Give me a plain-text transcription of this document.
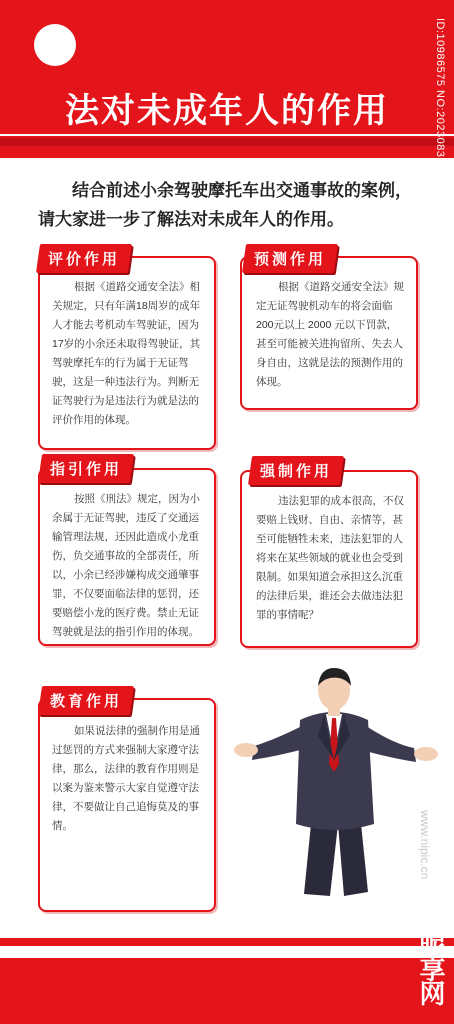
法对未成年人的作用	ID:10986575 NO:20230831163912397127
结合前述小余驾驶摩托车出交通事故的案例，请大家进一步了解法对未成年人的作用。
根据《道路交通安全法》相关规定，只有年满18周岁的成年人才能去考机动车驾驶证，因为17岁的小余还未取得驾驶证，其驾驶摩托车的行为属于无证驾驶，这是一种违法行为。判断无证驾驶行为是违法行为就是法的评价作用的体现。
评价作用
根据《道路交通安全法》规定无证驾驶机动车的将会面临200元以上 2000 元以下罚款，甚至可能被关进拘留所、失去人身自由，这就是法的预测作用的体现。
预测作用
按照《刑法》规定，因为小余属于无证驾驶，违反了交通运输管理法规，还因此造成小龙重伤，负交通事故的全部责任，所以，小余已经涉嫌构成交通肇事罪，不仅要面临法律的惩罚，还要赔偿小龙的医疗费。禁止无证驾驶就是法的指引作用的体现。
指引作用
违法犯罪的成本很高，不仅要赔上钱财、自由、亲情等，甚至可能牺牲未来，违法犯罪的人将来在某些领域的就业也会受到限制。如果知道会承担这么沉重的法律后果，谁还会去做违法犯罪的事情呢？
强制作用
如果说法律的强制作用是通过惩罚的方式来强制大家遵守法律，那么，法律的教育作用则是以案为鉴来警示大家自觉遵守法律，不要做让自己追悔莫及的事情。
教育作用
www.nipic.cn
昵享网
